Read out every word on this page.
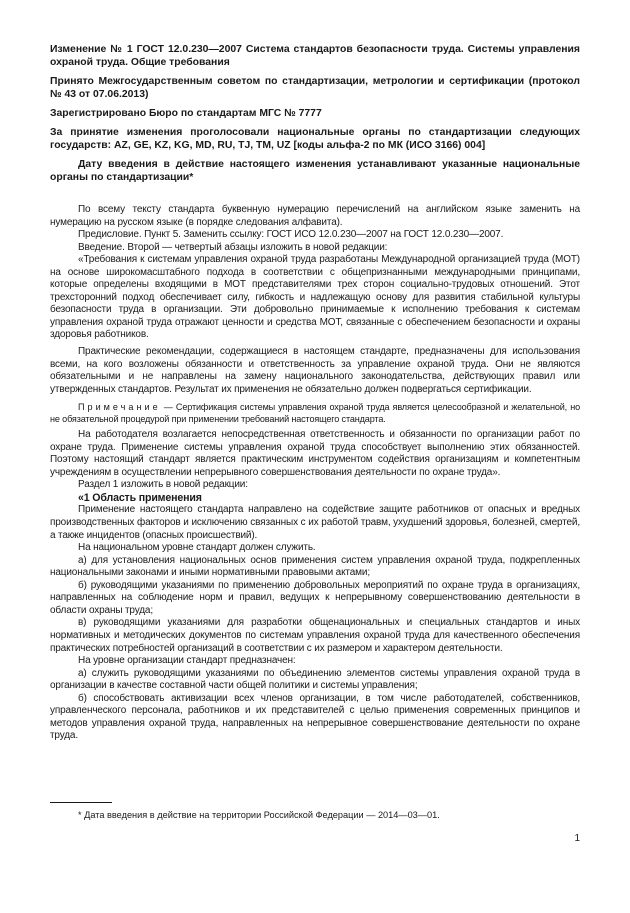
Изменение № 1 ГОСТ 12.0.230—2007 Система стандартов безопасности труда. Системы управления охраной труда. Общие требования

Принято Межгосударственным советом по стандартизации, метрологии и сертификации (протокол № 43 от 07.06.2013)

Зарегистрировано Бюро по стандартам МГС № 7777

За принятие изменения проголосовали национальные органы по стандартизации следующих государств: AZ, GE, KZ, KG, MD, RU, TJ, TM, UZ [коды альфа-2 по МК (ИСО 3166) 004]

Дату введения в действие настоящего изменения устанавливают указанные национальные органы по стандартизации*

По всему тексту стандарта буквенную нумерацию перечислений на английском языке заменить на нумерацию на русском языке (в порядке следования алфавита).

Предисловие. Пункт 5. Заменить ссылку: ГОСТ ИСО 12.0.230—2007 на ГОСТ 12.0.230—2007.

Введение. Второй — четвертый абзацы изложить в новой редакции:

«Требования к системам управления охраной труда разработаны Международной организацией труда (МОТ) на основе широкомасштабного подхода в соответствии с общепризнанными международными принципами, которые определены входящими в МОТ представителями трех сторон социально-трудовых отношений. Этот трехсторонний подход обеспечивает силу, гибкость и надлежащую основу для развития стабильной культуры безопасности труда в организации. Эти добровольно принимаемые к исполнению требования к системам управления охраной труда отражают ценности и средства МОТ, связанные с обеспечением безопасности и охраны здоровья работников.

Практические рекомендации, содержащиеся в настоящем стандарте, предназначены для использования всеми, на кого возложены обязанности и ответственность за управление охраной труда. Они не являются обязательными и не направлены на замену национального законодательства, действующих правил или утвержденных стандартов. Результат их применения не обязательно должен подвергаться сертификации.

Примечание — Сертификация системы управления охраной труда является целесообразной и желательной, но не обязательной процедурой при применении требований настоящего стандарта.

На работодателя возлагается непосредственная ответственность и обязанности по организации работ по охране труда. Применение системы управления охраной труда способствует выполнению этих обязанностей. Поэтому настоящий стандарт является практическим инструментом содействия организациям и компетентным учреждениям в осуществлении непрерывного совершенствования деятельности по охране труда».

Раздел 1 изложить в новой редакции:

«1 Область применения

Применение настоящего стандарта направлено на содействие защите работников от опасных и вредных производственных факторов и исключению связанных с их работой травм, ухудшений здоровья, болезней, смертей, а также инцидентов (опасных происшествий).

На национальном уровне стандарт должен служить.

а) для установления национальных основ применения систем управления охраной труда, подкрепленных национальными законами и иными нормативными правовыми актами;

б) руководящими указаниями по применению добровольных мероприятий по охране труда в организациях, направленных на соблюдение норм и правил, ведущих к непрерывному совершенствованию деятельности в области охраны труда;

в) руководящими указаниями для разработки общенациональных и специальных стандартов и иных нормативных и методических документов по системам управления охраной труда для качественного обеспечения практических потребностей организаций в соответствии с их размером и характером деятельности.

На уровне организации стандарт предназначен:

а) служить руководящими указаниями по объединению элементов системы управления охраной труда в организации в качестве составной части общей политики и системы управления;

б) способствовать активизации всех членов организации, в том числе работодателей, собственников, управленческого персонала, работников и их представителей с целью применения современных принципов и методов управления охраной труда, направленных на непрерывное совершенствование деятельности по охране труда.

* Дата введения в действие на территории Российской Федерации — 2014—03—01.
1
